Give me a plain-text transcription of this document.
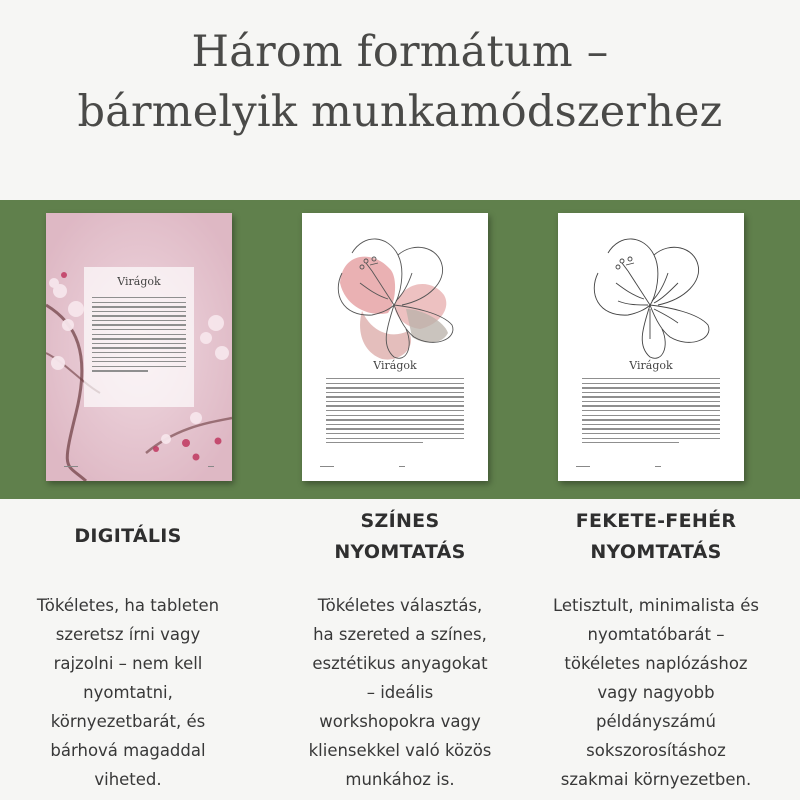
Három formátum –
bármelyik munkamódszerhez
Virágok
Virágok	Virágok
DIGITÁLIS
Tökéletes, ha tableten
szeretsz írni vagy
rajzolni – nem kell
nyomtatni,
környezetbarát, és
bárhová magaddal
viheted.
SZÍNES
NYOMTATÁS
Tökéletes választás,
ha szereted a színes,
esztétikus anyagokat
– ideális
workshopokra vagy
kliensekkel való közös
munkához is.
FEKETE-FEHÉR
NYOMTATÁS
Letisztult, minimalista és
nyomtatóbarát –
tökéletes naplózáshoz
vagy nagyobb
példányszámú
sokszorosításhoz
szakmai környezetben.
